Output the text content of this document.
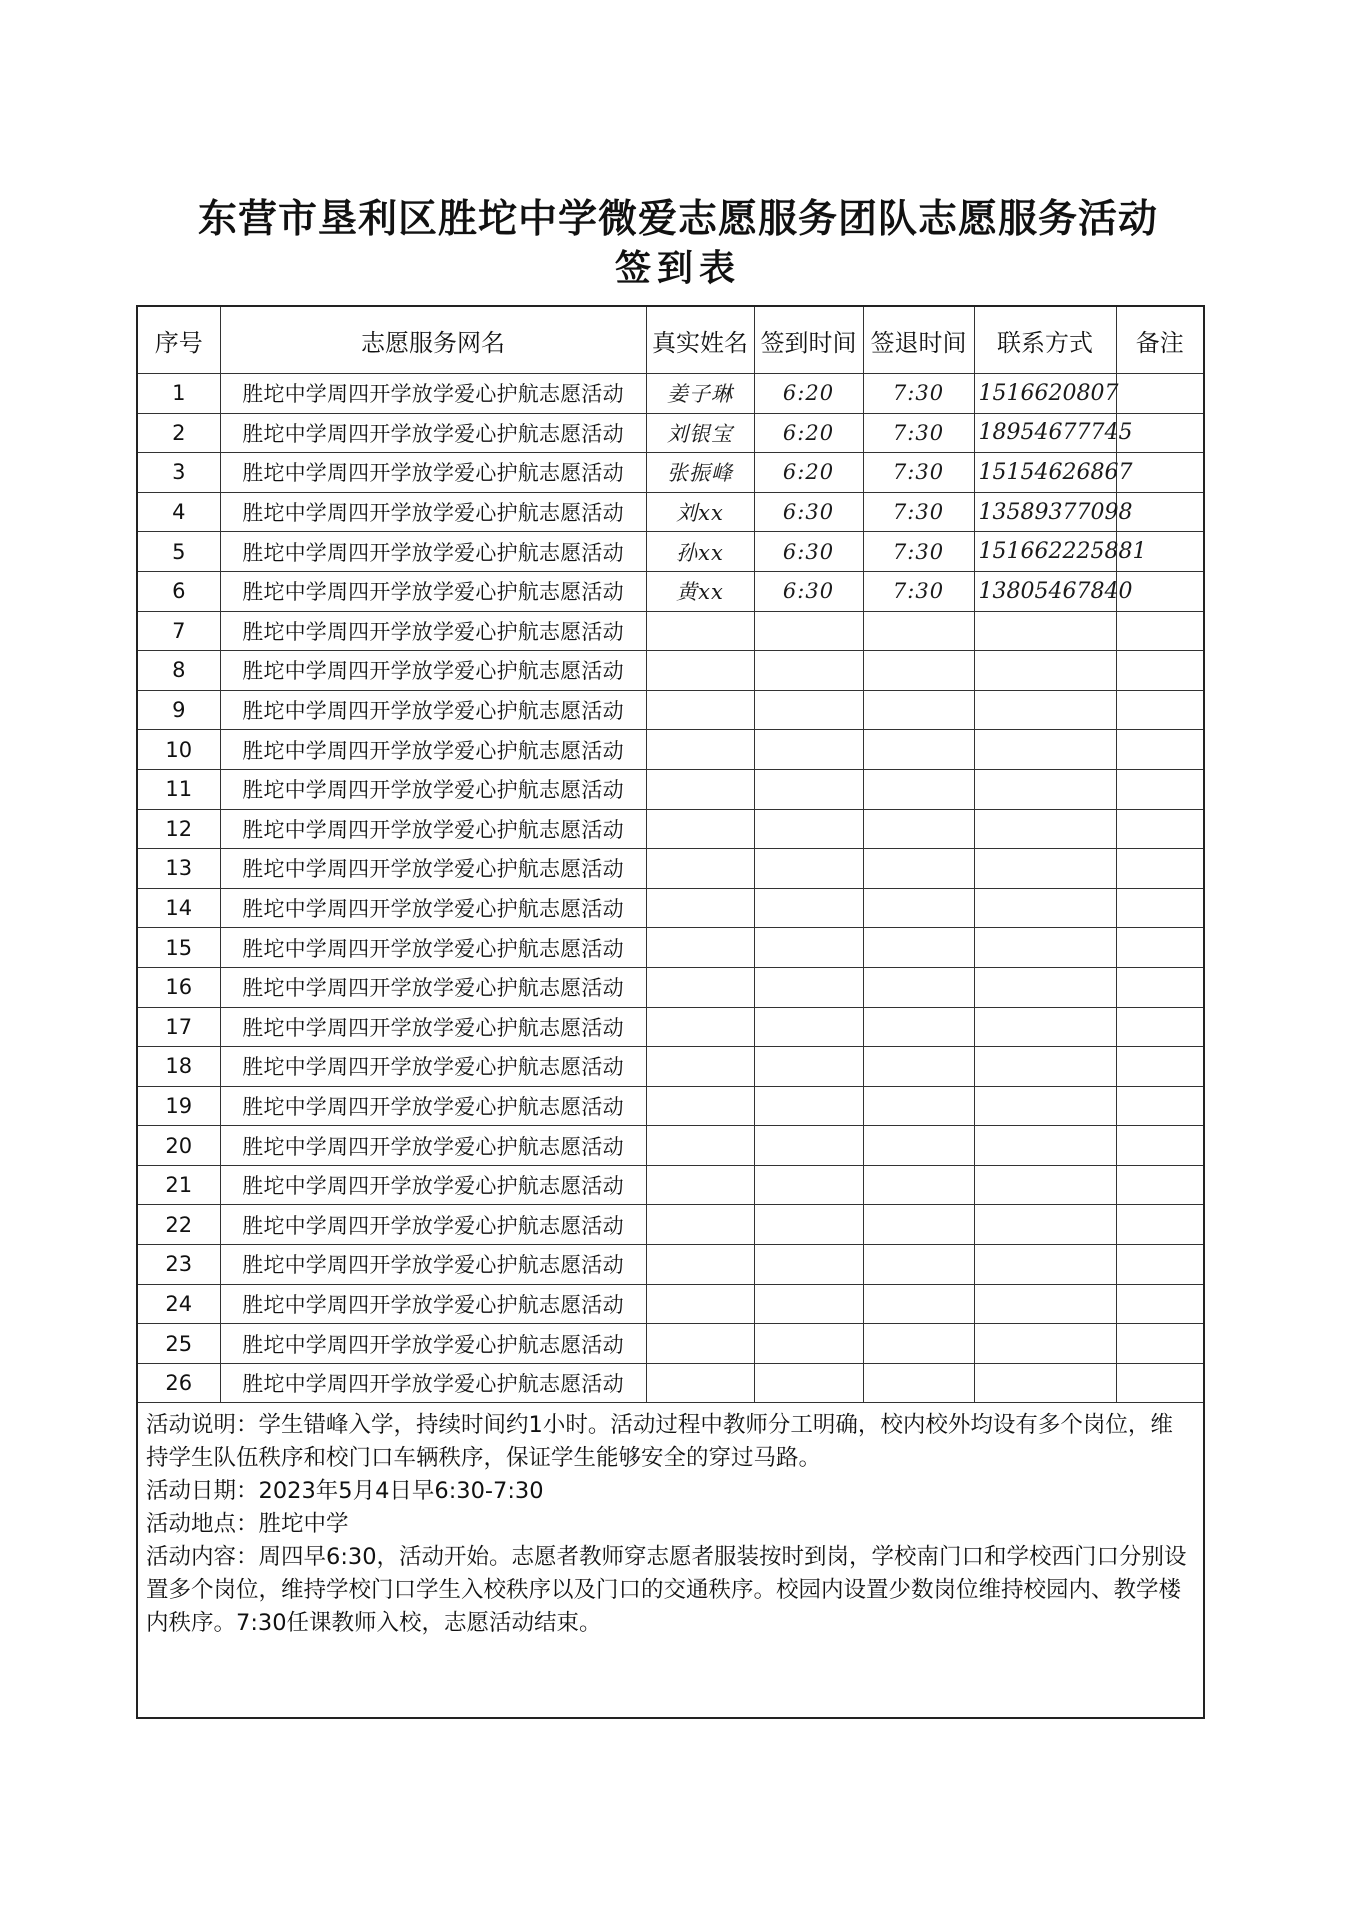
东营市垦利区胜坨中学微爱志愿服务团队志愿服务活动
签到表
序号	志愿服务网名	真实姓名	签到时间	签退时间	联系方式	备注
1	胜坨中学周四开学放学爱心护航志愿活动	姜子琳	6:20	7:30	1516620807	
2	胜坨中学周四开学放学爱心护航志愿活动	刘银宝	6:20	7:30	18954677745	
3	胜坨中学周四开学放学爱心护航志愿活动	张振峰	6:20	7:30	15154626867	
4	胜坨中学周四开学放学爱心护航志愿活动	刘xx	6:30	7:30	13589377098	
5	胜坨中学周四开学放学爱心护航志愿活动	孙xx	6:30	7:30	151662225881	
6	胜坨中学周四开学放学爱心护航志愿活动	黄xx	6:30	7:30	13805467840	
7	胜坨中学周四开学放学爱心护航志愿活动					
8	胜坨中学周四开学放学爱心护航志愿活动					
9	胜坨中学周四开学放学爱心护航志愿活动					
10	胜坨中学周四开学放学爱心护航志愿活动					
11	胜坨中学周四开学放学爱心护航志愿活动					
12	胜坨中学周四开学放学爱心护航志愿活动					
13	胜坨中学周四开学放学爱心护航志愿活动					
14	胜坨中学周四开学放学爱心护航志愿活动					
15	胜坨中学周四开学放学爱心护航志愿活动					
16	胜坨中学周四开学放学爱心护航志愿活动					
17	胜坨中学周四开学放学爱心护航志愿活动					
18	胜坨中学周四开学放学爱心护航志愿活动					
19	胜坨中学周四开学放学爱心护航志愿活动					
20	胜坨中学周四开学放学爱心护航志愿活动					
21	胜坨中学周四开学放学爱心护航志愿活动					
22	胜坨中学周四开学放学爱心护航志愿活动					
23	胜坨中学周四开学放学爱心护航志愿活动					
24	胜坨中学周四开学放学爱心护航志愿活动					
25	胜坨中学周四开学放学爱心护航志愿活动					
26	胜坨中学周四开学放学爱心护航志愿活动					

活动说明：学生错峰入学，持续时间约1小时。活动过程中教师分工明确，校内校外均设有多个岗位，维持学生队伍秩序和校门口车辆秩序，保证学生能够安全的穿过马路。

活动日期：2023年5月4日早6:30-7:30

活动地点：胜坨中学

活动内容：周四早6:30，活动开始。志愿者教师穿志愿者服装按时到岗，学校南门口和学校西门口分别设置多个岗位，维持学校门口学生入校秩序以及门口的交通秩序。校园内设置少数岗位维持校园内、教学楼内秩序。7:30任课教师入校，志愿活动结束。
